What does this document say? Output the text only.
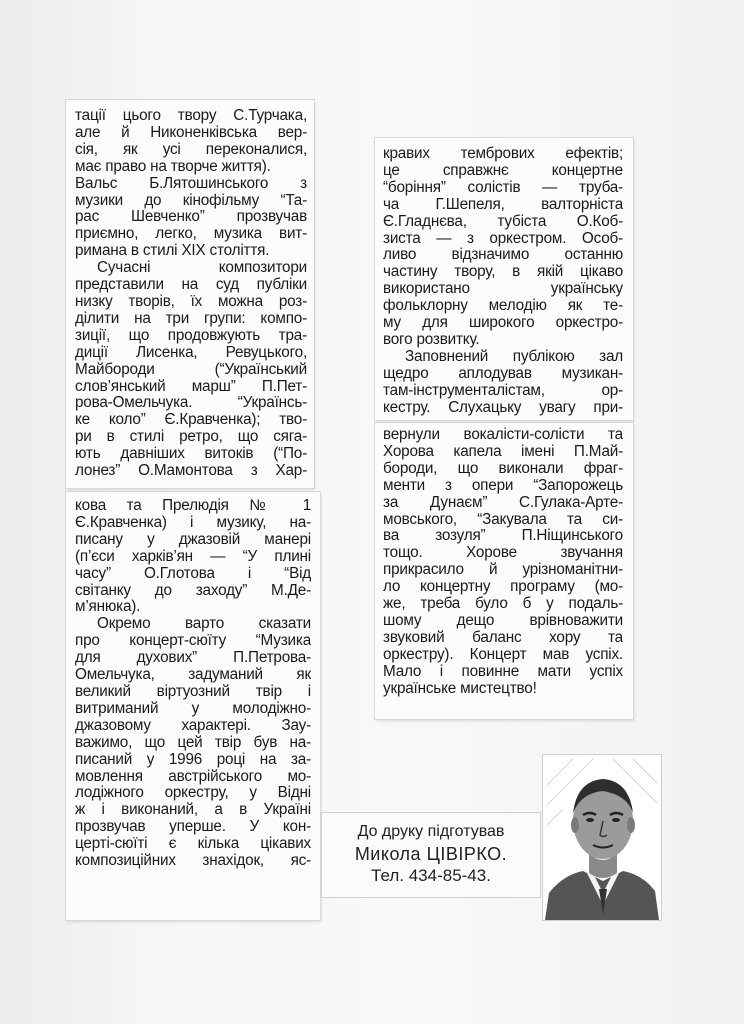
тації цього твору С.Турчака,
але й Никоненківська вер-
сія, як усі переконалися,
має право на творче життя).
Вальс Б.Лятошинського з
музики до кінофільму “Та-
рас Шевченко” прозвучав
приємно, легко, музика вит-
римана в стилі XIX століття.
Сучасні композитори
представили на суд публіки
низку творів, їх можна роз-
ділити на три групи: компо-
зиції, що продовжують тра-
диції Лисенка, Ревуцького,
Майбороди (“Український
слов’янський марш” П.Пет-
рова-Омельчука. “Українсь-
ке коло” Є.Кравченка); тво-
ри в стилі ретро, що сяга-
ють давніших витоків (“По-
лонез” О.Мамонтова з Хар-
кова та Прелюдія № 1
Є.Кравченка) і музику, на-
писану у джазовій манері
(п’єси харків’ян — “У плині
часу” О.Глотова і “Від
світанку до заходу” М.Де-
м’янюка).
Окремо варто сказати
про концерт-сюїту “Музика
для духових” П.Петрова-
Омельчука, задуманий як
великий віртуозний твір і
витриманий у молодіжно-
джазовому характері. Зау-
важимо, що цей твір був на-
писаний у 1996 році на за-
мовлення австрійського мо-
лодіжного оркестру, у Відні
ж і виконаний, а в Україні
прозвучав уперше. У кон-
церті-сюїті є кілька цікавих
композиційних знахідок, яс-
кравих тембрових ефектів;
це справжнє концертне
“боріння” солістів — труба-
ча Г.Шепеля, валторніста
Є.Гладнєва, тубіста О.Коб-
зиста — з оркестром. Особ-
ливо відзначимо останню
частину твору, в якій цікаво
використано українську
фольклорну мелодію як те-
му для широкого оркестро-
вого розвитку.
Заповнений публікою зал
щедро аплодував музикан-
там-інструменталістам, ор-
кестру. Слухацьку увагу при-
вернули вокалісти-солісти та
Хорова капела імені П.Май-
бороди, що виконали фраг-
менти з опери “Запорожець
за Дунаєм” С.Гулака-Арте-
мовського, “Закувала та си-
ва зозуля” П.Ніщинського
тощо. Хорове звучання
прикрасило й урізноманітни-
ло концертну програму (мо-
же, треба було б у подаль-
шому дещо врівноважити
звуковий баланс хору та
оркестру). Концерт мав успіх.
Мало і повинне мати успіх
українське мистецтво!
До друку підготував
Микола ЦІВІРКО.
Тел. 434-85-43.
